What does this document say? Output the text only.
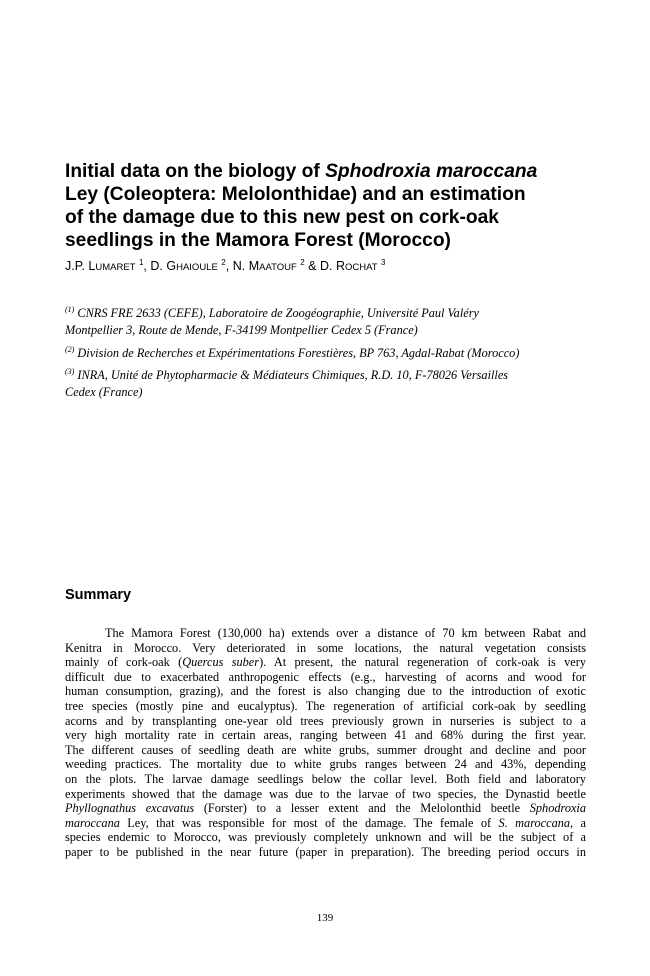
Initial data on the biology of Sphodroxia maroccana
Ley (Coleoptera: Melolonthidae) and an estimation
of the damage due to this new pest on cork-oak
seedlings in the Mamora Forest (Morocco)
J.P. LUMARET $^1$, D. GHAIOULE $^2$, N. MAATOUF $^2$ & D. ROCHAT $^3$
$^{(1)}$ CNRS FRE 2633 (CEFE), Laboratoire de Zoogéographie, Université Paul Valéry
Montpellier 3, Route de Mende, F-34199 Montpellier Cedex 5 (France)
$^{(2)}$ Division de Recherches et Expérimentations Forestières, BP 763, Agdal-Rabat (Morocco)
$^{(3)}$ INRA, Unité de Phytopharmacie & Médiateurs Chimiques, R.D. 10, F-78026 Versailles
Cedex (France)
Summary
The Mamora Forest (130,000 ha) extends over a distance of 70 km between Rabat and
Kenitra in Morocco. Very deteriorated in some locations, the natural vegetation consists
mainly of cork-oak (Quercus suber). At present, the natural regeneration of cork-oak is very
difficult due to exacerbated anthropogenic effects (e.g., harvesting of acorns and wood for
human consumption, grazing), and the forest is also changing due to the introduction of exotic
tree species (mostly pine and eucalyptus). The regeneration of artificial cork-oak by seedling
acorns and by transplanting one-year old trees previously grown in nurseries is subject to a
very high mortality rate in certain areas, ranging between 41 and 68% during the first year.
The different causes of seedling death are white grubs, summer drought and decline and poor
weeding practices. The mortality due to white grubs ranges between 24 and 43%, depending
on the plots. The larvae damage seedlings below the collar level. Both field and laboratory
experiments showed that the damage was due to the larvae of two species, the Dynastid beetle
Phyllognathus excavatus (Forster) to a lesser extent and the Melolonthid beetle Sphodroxia
maroccana Ley, that was responsible for most of the damage. The female of S. maroccana, a
species endemic to Morocco, was previously completely unknown and will be the subject of a
paper to be published in the near future (paper in preparation). The breeding period occurs in
139
